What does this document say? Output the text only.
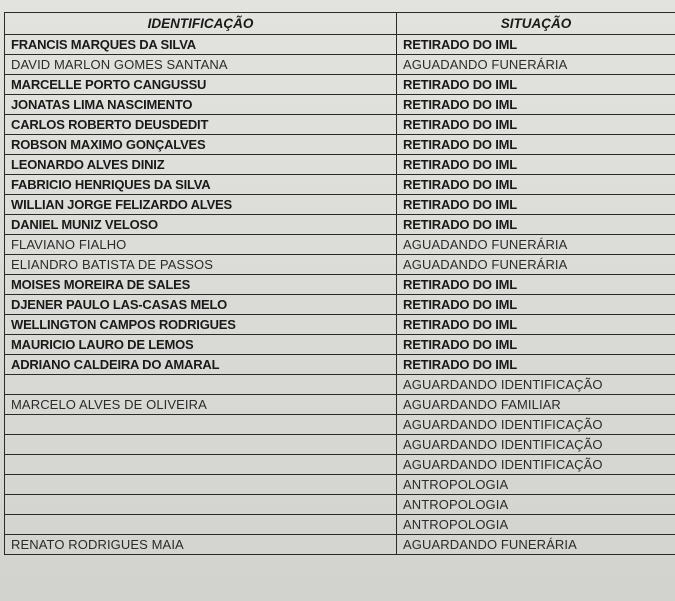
IDENTIFICAÇÃO	SITUAÇÃO
FRANCIS MARQUES DA SILVA	RETIRADO DO IML
DAVID MARLON GOMES SANTANA	AGUADANDO FUNERÁRIA
MARCELLE PORTO CANGUSSU	RETIRADO DO IML
JONATAS LIMA NASCIMENTO	RETIRADO DO IML
CARLOS ROBERTO DEUSDEDIT	RETIRADO DO IML
ROBSON MAXIMO GONÇALVES	RETIRADO DO IML
LEONARDO ALVES DINIZ	RETIRADO DO IML
FABRICIO HENRIQUES DA SILVA	RETIRADO DO IML
WILLIAN JORGE FELIZARDO ALVES	RETIRADO DO IML
DANIEL MUNIZ VELOSO	RETIRADO DO IML
FLAVIANO FIALHO	AGUADANDO FUNERÁRIA
ELIANDRO BATISTA DE PASSOS	AGUADANDO FUNERÁRIA
MOISES MOREIRA DE SALES	RETIRADO DO IML
DJENER PAULO LAS-CASAS MELO	RETIRADO DO IML
WELLINGTON CAMPOS RODRIGUES	RETIRADO DO IML
MAURICIO LAURO DE LEMOS	RETIRADO DO IML
ADRIANO CALDEIRA DO AMARAL	RETIRADO DO IML
	AGUARDANDO IDENTIFICAÇÃO
MARCELO ALVES DE OLIVEIRA	AGUARDANDO FAMILIAR
	AGUARDANDO IDENTIFICAÇÃO
	AGUARDANDO IDENTIFICAÇÃO
	AGUARDANDO IDENTIFICAÇÃO
	ANTROPOLOGIA
	ANTROPOLOGIA
	ANTROPOLOGIA
RENATO RODRIGUES MAIA	AGUARDANDO FUNERÁRIA
